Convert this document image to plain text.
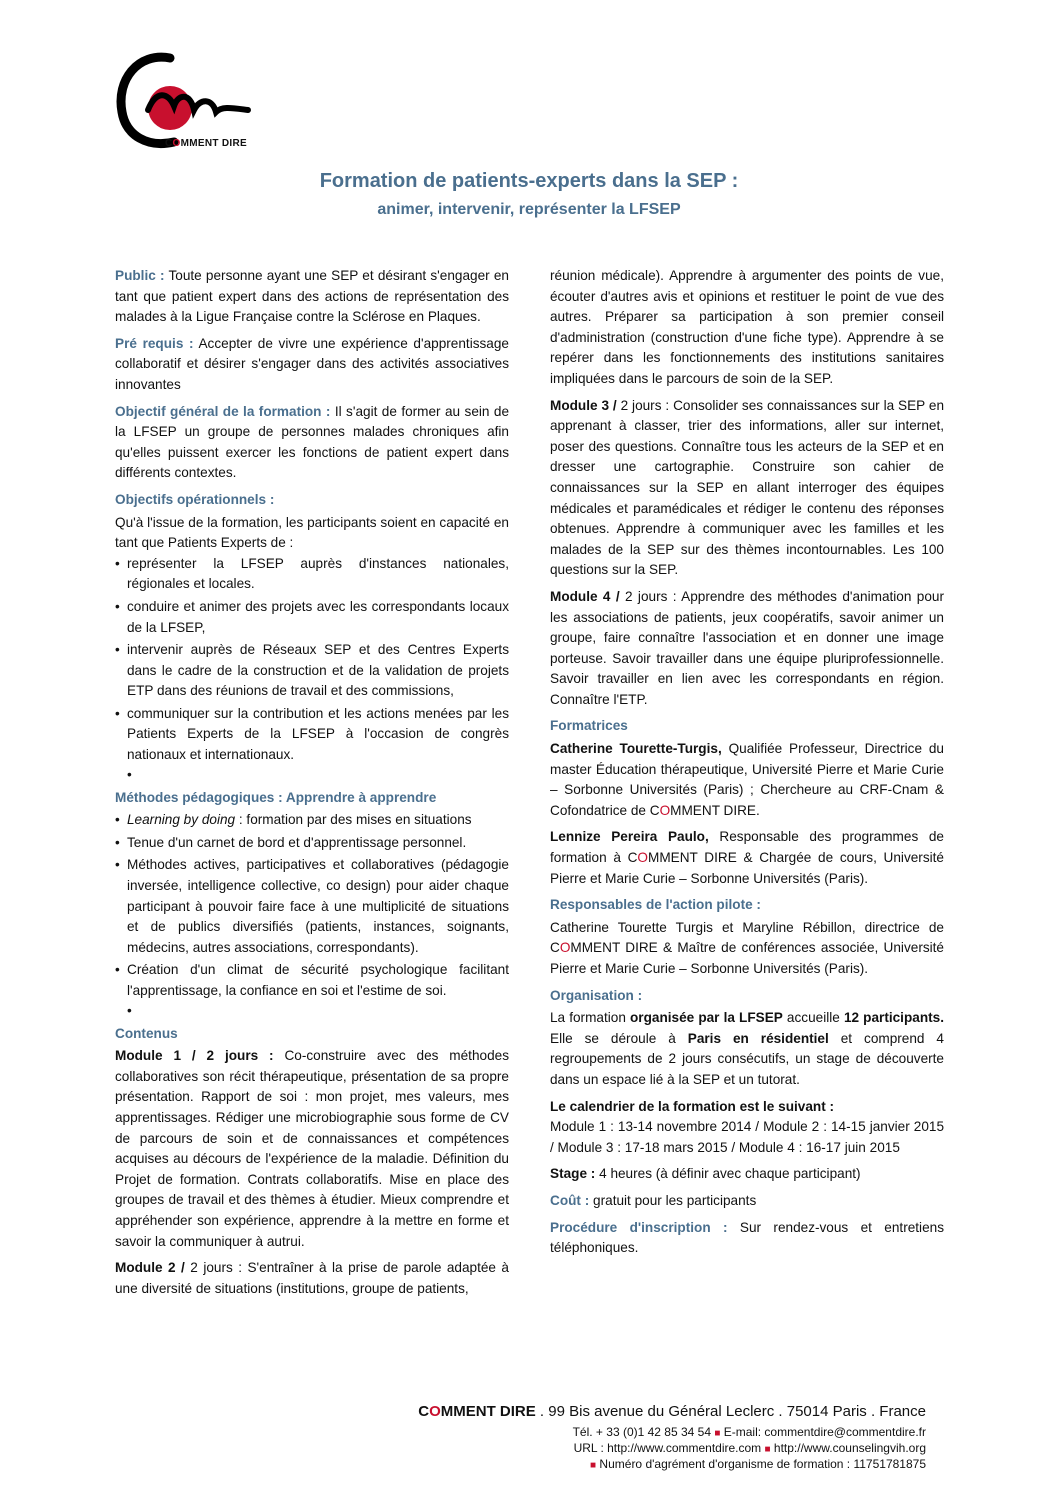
COMMENT DIRE
Formation de patients-experts dans la SEP :
animer, intervenir, représenter la LFSEP

Public : Toute personne ayant une SEP et désirant s'engager en tant que patient expert dans des actions de représentation des malades à la Ligue Française contre la Sclérose en Plaques.

Pré requis : Accepter de vivre une expérience d'apprentissage collaboratif et désirer s'engager dans des activités associatives innovantes

Objectif général de la formation : Il s'agit de former au sein de la LFSEP un groupe de personnes malades chroniques afin qu'elles puissent exercer les fonctions de patient expert dans différents contextes.

Objectifs opérationnels :
Qu'à l'issue de la formation, les participants soient en capacité en tant que Patients Experts de :
• représenter la LFSEP auprès d'instances nationales, régionales et locales.
• conduire et animer des projets avec les correspondants locaux de la LFSEP,
• intervenir auprès de Réseaux SEP et des Centres Experts dans le cadre de la construction et de la validation de projets ETP dans des réunions de travail et des commissions,
• communiquer sur la contribution et les actions menées par les Patients Experts de la LFSEP à l'occasion de congrès nationaux et internationaux.
•
Méthodes pédagogiques : Apprendre à apprendre
• Learning by doing : formation par des mises en situations
• Tenue d'un carnet de bord et d'apprentissage personnel.
• Méthodes actives, participatives et collaboratives (pédagogie inversée, intelligence collective, co design) pour aider chaque participant à pouvoir faire face à une multiplicité de situations et de publics diversifiés (patients, instances, soignants, médecins, autres associations, correspondants).
• Création d'un climat de sécurité psychologique facilitant l'apprentissage, la confiance en soi et l'estime de soi.
•
Contenus

Module 1 / 2 jours : Co-construire avec des méthodes collaboratives son récit thérapeutique, présentation de sa propre présentation. Rapport de soi : mon projet, mes valeurs, mes apprentissages. Rédiger une microbiographie sous forme de CV de parcours de soin et de connaissances et compétences acquises au décours de l'expérience de la maladie. Définition du Projet de formation. Contrats collaboratifs. Mise en place des groupes de travail et des thèmes à étudier. Mieux comprendre et appréhender son expérience, apprendre à la mettre en forme et savoir la communiquer à autrui.

Module 2 / 2 jours : S'entraîner à la prise de parole adaptée à une diversité de situations (institutions, groupe de patients,

réunion médicale). Apprendre à argumenter des points de vue, écouter d'autres avis et opinions et restituer le point de vue des autres. Préparer sa participation à son premier conseil d'administration (construction d'une fiche type). Apprendre à se repérer dans les fonctionnements des institutions sanitaires impliquées dans le parcours de soin de la SEP.

Module 3 / 2 jours : Consolider ses connaissances sur la SEP en apprenant à classer, trier des informations, aller sur internet, poser des questions. Connaître tous les acteurs de la SEP et en dresser une cartographie. Construire son cahier de connaissances sur la SEP en allant interroger des équipes médicales et paramédicales et rédiger le contenu des réponses obtenues. Apprendre à communiquer avec les familles et les malades de la SEP sur des thèmes incontournables. Les 100 questions sur la SEP.

Module 4 / 2 jours : Apprendre des méthodes d'animation pour les associations de patients, jeux coopératifs, savoir animer un groupe, faire connaître l'association et en donner une image porteuse. Savoir travailler dans une équipe pluriprofessionnelle. Savoir travailler en lien avec les correspondants en région. Connaître l'ETP.

Formatrices

Catherine Tourette-Turgis, Qualifiée Professeur, Directrice du master Éducation thérapeutique, Université Pierre et Marie Curie – Sorbonne Universités (Paris) ; Chercheure au CRF-Cnam & Cofondatrice de COMMENT DIRE.

Lennize Pereira Paulo, Responsable des programmes de formation à COMMENT DIRE & Chargée de cours, Université Pierre et Marie Curie – Sorbonne Universités (Paris).

Responsables de l'action pilote :

Catherine Tourette Turgis et Maryline Rébillon, directrice de COMMENT DIRE & Maître de conférences associée, Université Pierre et Marie Curie – Sorbonne Universités (Paris).

Organisation :

La formation organisée par la LFSEP accueille 12 participants. Elle se déroule à Paris en résidentiel et comprend 4 regroupements de 2 jours consécutifs, un stage de découverte dans un espace lié à la SEP et un tutorat.

Le calendrier de la formation est le suivant :

Module 1 : 13-14 novembre 2014 / Module 2 : 14-15 janvier 2015 / Module 3 : 17-18 mars 2015 / Module 4 : 16-17 juin 2015

Stage : 4 heures (à définir avec chaque participant)

Coût : gratuit pour les participants

Procédure d'inscription : Sur rendez-vous et entretiens téléphoniques.

COMMENT DIRE . 99 Bis avenue du Général Leclerc . 75014 Paris . France
Tél. + 33 (0)1 42 85 34 54 ■ E-mail: commentdire@commentdire.fr
URL : http://www.commentdire.com ■ http://www.counselingvih.org
■ Numéro d'agrément d'organisme de formation : 11751781875
